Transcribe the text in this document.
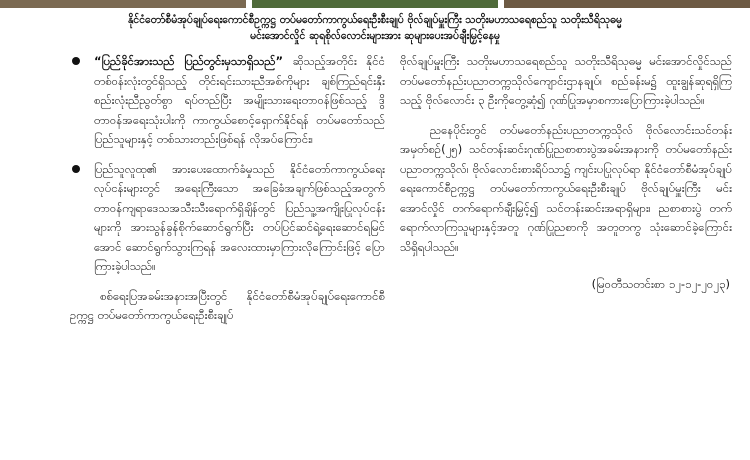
နိုင်ငံတော်စီမံအုပ်ချုပ်ရေးကောင်စီဥက္ကဋ္ဌ တပ်မတော်ကာကွယ်ရေးဦးစီးချုပ် ဗိုလ်ချုပ်မှူးကြီး သတိုးမဟာသရေစည်သူ သတိုးသီရိသုဓမ္မ
မင်းအောင်လှိုင် ဆုရစိုလ်လောင်းများအား ဆုများပေးအပ်ချီးမြှင့်နေမှု
“ပြည်ခိုင်အားသည် ပြည်တွင်းမှသာရှိသည်” ဆိုသည့်အတိုင်း နိုင်ငံတစ်ဝန်းလုံးတွင်ရှိသည့် တိုင်းရင်းသားညီအစ်ကိုများ ချစ်ကြည်ရင်းနှီးစည်းလုံးညီညွတ်စွာ ရပ်တည်ပြီး အမျိုးသားရေးတာဝန်ဖြစ်သည့် ဒွိတာဝန်အရေးသုံးပါးကို ကာကွယ်စောင့်ရှောက်နိုင်ရန် တပ်မတော်သည် ပြည်သူများနှင့် တစ်သားတည်းဖြစ်ရန် လိုအပ်ကြောင်း၊
ပြည်သူလူထု၏ အားပေးထောက်ခံမှုသည် နိုင်ငံတော်ကာကွယ်ရေးလုပ်ငန်းများတွင် အရေးကြီးသော အခြေခံအချက်ဖြစ်သည့်အတွက် တာဝန်ကျရာဒေသအသီးသီးရောက်ရှိချိန်တွင် ပြည်သူ့အကျိုးပြုလုပ်ငန်းများကို အားသွန်ခွန်စိုက်ဆောင်ရွက်ပြီး တပ်ပြင်ဆင်ရဲ့ရေးဆောင်ရမြင်အောင် ဆောင်ရွက်သွားကြရန် အလေးထားမှာကြားလိုကြောင်းဖြင့် ပြောကြားခဲ့ပါသည်။

စစ်ရေးပြအခမ်းအနားအပြီးတွင် နိုင်ငံတော်စီမံအုပ်ချုပ်ရေးကောင်စီဥက္ကဋ္ဌ တပ်မတော်ကာကွယ်ရေးဦးစီးချုပ်

ဗိုလ်ချုပ်မှူးကြီး သတိုးမဟာသရေစည်သူ သတိုးသီရိသုဓမ္မ မင်းအောင်လှိုင်သည် တပ်မတော်နည်းပညာတက္ကသိုလ်ကျောင်းဌာနချုပ်၊ စည်ခန်းမ၌ ထူးချွန်ဆုရရှိကြသည့် ဗိုလ်လောင်း ၃ ဦးကိုတွေ့ဆုံ၍ ဂုဏ်ပြုအမှာစကားပြောကြားခဲ့ပါသည်။

ညနေပိုင်းတွင် တပ်မတော်နည်းပညာတက္ကသိုလ် ဗိုလ်လောင်းသင်တန်းအမှတ်စဉ်(၂၅) သင်တန်းဆင်းဂုဏ်ပြုညစာစားပွဲအခမ်းအနားကို တပ်မတော်နည်းပညာတက္ကသိုလ်၊ ဗိုလ်လောင်းစားရိပ်သာ၌ ကျင်းပပြုလုပ်ရာ နိုင်ငံတော်စီမံအုပ်ချုပ်ရေးကောင်စီဥက္ကဋ္ဌ တပ်မတော်ကာကွယ်ရေးဦးစီးချုပ် ဗိုလ်ချုပ်မှူးကြီး မင်းအောင်လှိုင် တက်ရောက်ချီးမြှင့်၍ သင်တန်းဆင်းအရာရှိများ၊ ညစာစားပွဲ တက်ရောက်လာကြသူများနှင့်အတူ ဂုဏ်ပြုညစာကို အတူတကွ သုံးဆောင်ခဲ့ကြောင်း သိရှိရပါသည်။

(မြဝတီသတင်းစာ ၁၂-၁၂-၂၀၂၃)
